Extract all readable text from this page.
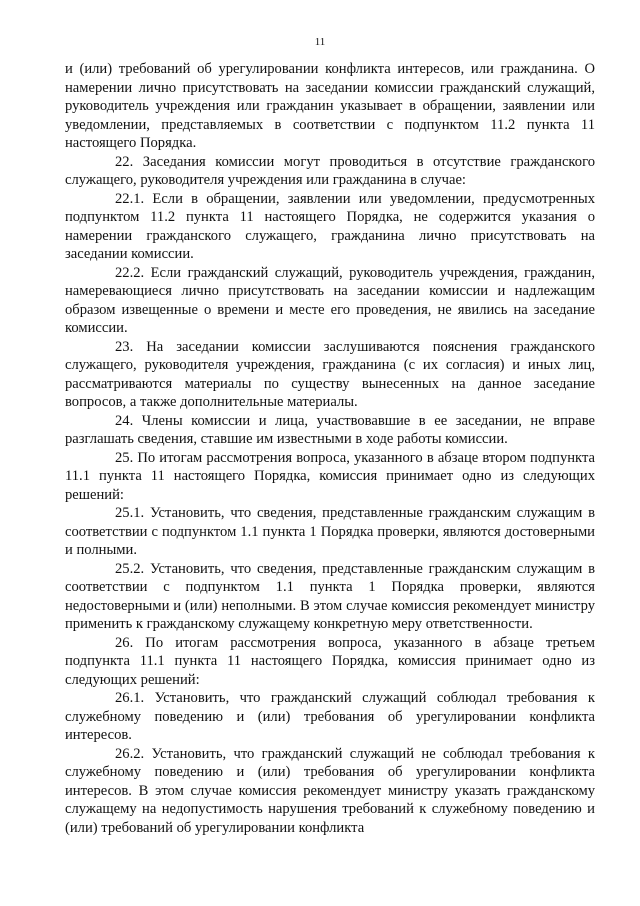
11

и (или) требований об урегулировании конфликта интересов, или гражданина. О намерении лично присутствовать на заседании комиссии гражданский служащий, руководитель учреждения или гражданин указывает в обращении, заявлении или уведомлении, представляемых в соответствии с подпунктом 11.2 пункта 11 настоящего Порядка.

22. Заседания комиссии могут проводиться в отсутствие гражданского служащего, руководителя учреждения или гражданина в случае:

22.1. Если в обращении, заявлении или уведомлении, предусмотренных подпунктом 11.2 пункта 11 настоящего Порядка, не содержится указания о намерении гражданского служащего, гражданина лично присутствовать на заседании комиссии.

22.2. Если гражданский служащий, руководитель учреждения, гражданин, намеревающиеся лично присутствовать на заседании комиссии и надлежащим образом извещенные о времени и месте его проведения, не явились на заседание комиссии.

23. На заседании комиссии заслушиваются пояснения гражданского служащего, руководителя учреждения, гражданина (с их согласия) и иных лиц, рассматриваются материалы по существу вынесенных на данное заседание вопросов, а также дополнительные материалы.

24. Члены комиссии и лица, участвовавшие в ее заседании, не вправе разглашать сведения, ставшие им известными в ходе работы комиссии.

25. По итогам рассмотрения вопроса, указанного в абзаце втором подпункта 11.1 пункта 11 настоящего Порядка, комиссия принимает одно из следующих решений:

25.1. Установить, что сведения, представленные гражданским служащим в соответствии с подпунктом 1.1 пункта 1 Порядка проверки, являются достоверными и полными.

25.2. Установить, что сведения, представленные гражданским служащим в соответствии с подпунктом 1.1 пункта 1 Порядка проверки, являются недостоверными и (или) неполными. В этом случае комиссия рекомендует министру применить к гражданскому служащему конкретную меру ответственности.

26. По итогам рассмотрения вопроса, указанного в абзаце третьем подпункта 11.1 пункта 11 настоящего Порядка, комиссия принимает одно из следующих решений:

26.1. Установить, что гражданский служащий соблюдал требования к служебному поведению и (или) требования об урегулировании конфликта интересов.

26.2. Установить, что гражданский служащий не соблюдал требования к служебному поведению и (или) требования об урегулировании конфликта интересов. В этом случае комиссия рекомендует министру указать гражданскому служащему на недопустимость нарушения требований к служебному поведению и (или) требований об урегулировании конфликта
